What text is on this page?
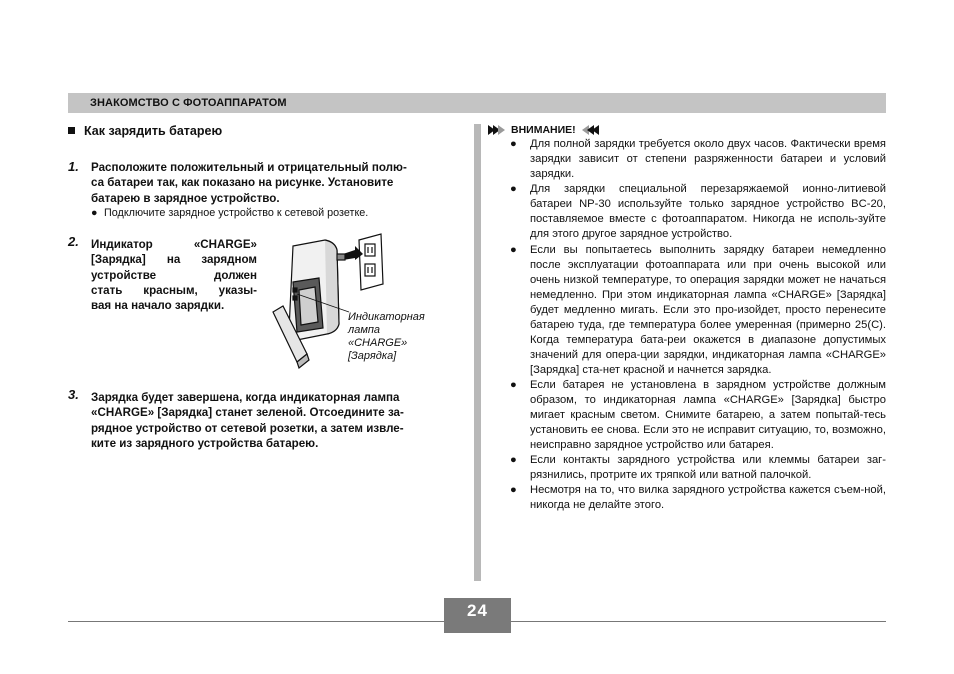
ЗНАКОМСТВО С ФОТОАППАРАТОМ
Как зарядить батарею
1. Расположите положительный и отрицательный полю-
са батареи так, как показано на рисунке. Установите
батарею в зарядное устройство.
● Подключите зарядное устройство к сетевой розетке.
2. Индикатор «CHARGE»
[Зарядка] на зарядном
устройстве должен
стать красным, указы-
вая на начало зарядки.
Индикаторная
лампа
«CHARGE»
[Зарядка]
3. Зарядка будет завершена, когда индикаторная лампа
«CHARGE» [Зарядка] станет зеленой. Отсоедините за-
рядное устройство от сетевой розетки, а затем извле-
ките из зарядного устройства батарею.
ВНИМАНИЕ!
● Для полной зарядки требуется около двух часов. Фактически время зарядки зависит от степени разряженности батареи и условий зарядки.
● Для зарядки специальной перезаряжаемой ионно-литиевой батареи NP-30 используйте только зарядное устройство BC-20, поставляемое вместе с фотоаппаратом. Никогда не исполь-зуйте для этого другое зарядное устройство.
● Если вы попытаетесь выполнить зарядку батареи немедленно после эксплуатации фотоаппарата или при очень высокой или очень низкой температуре, то операция зарядки может не начаться немедленно. При этом индикаторная лампа «CHARGE» [Зарядка] будет медленно мигать. Если это про-изойдет, просто перенесите батарею туда, где температура более умеренная (примерно 25(C). Когда температура бата-реи окажется в диапазоне допустимых значений для опера-ции зарядки, индикаторная лампа «CHARGE» [Зарядка] ста-нет красной и начнется зарядка.
● Если батарея не установлена в зарядном устройстве должным образом, то индикаторная лампа «CHARGE» [Зарядка] быстро мигает красным светом. Снимите батарею, а затем попытай-тесь установить ее снова. Если это не исправит ситуацию, то, возможно, неисправно зарядное устройство или батарея.
● Если контакты зарядного устройства или клеммы батареи заг-рязнились, протрите их тряпкой или ватной палочкой.
● Несмотря на то, что вилка зарядного устройства кажется съем-ной, никогда не делайте этого.
24
